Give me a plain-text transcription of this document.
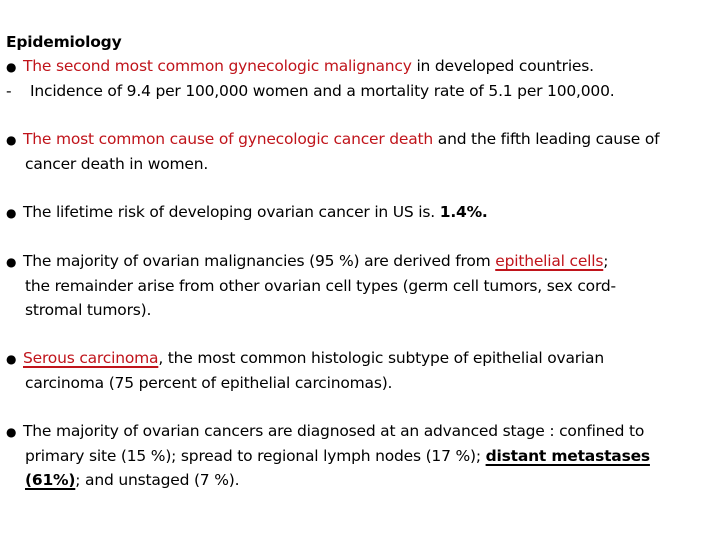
Epidemiology
● The second most common gynecologic malignancy in developed countries.
- Incidence of 9.4 per 100,000 women and a mortality rate of 5.1 per 100,000.
● The most common cause of gynecologic cancer death and the fifth leading cause of
cancer death in women.
● The lifetime risk of developing ovarian cancer in US is. 1.4%.
● The majority of ovarian malignancies (95 %) are derived from epithelial cells;
the remainder arise from other ovarian cell types (germ cell tumors, sex cord-
stromal tumors).
● Serous carcinoma, the most common histologic subtype of epithelial ovarian
carcinoma (75 percent of epithelial carcinomas).
● The majority of ovarian cancers are diagnosed at an advanced stage : confined to
primary site (15 %); spread to regional lymph nodes (17 %); distant metastases
(61%); and unstaged (7 %).
